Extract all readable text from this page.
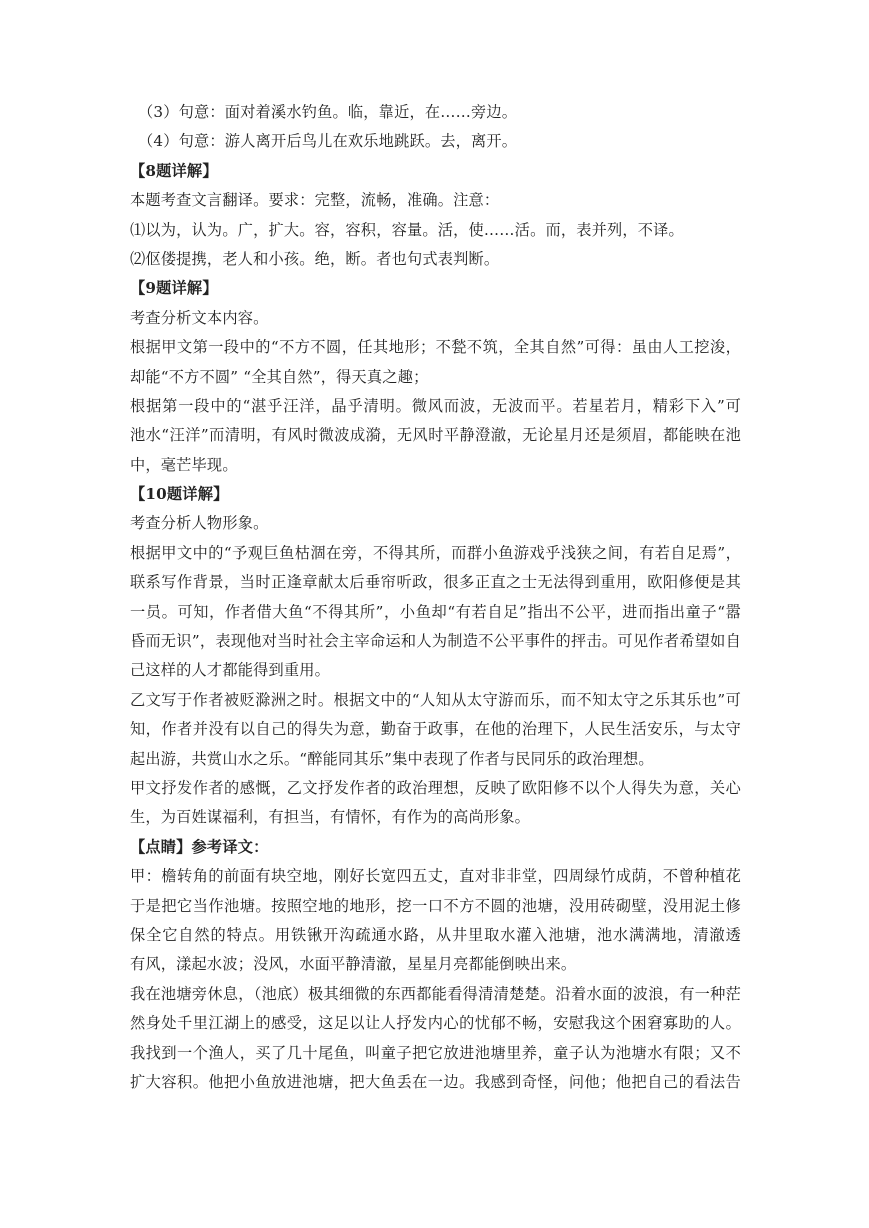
（3）句意：面对着溪水钓鱼。临，靠近，在……旁边。
（4）句意：游人离开后鸟儿在欢乐地跳跃。去，离开。
【8题详解】
本题考查文言翻译。要求：完整，流畅，准确。注意：
⑴以为，认为。广，扩大。容，容积，容量。活，使……活。而，表并列，不译。
⑵伛偻提携，老人和小孩。绝，断。者也句式表判断。
【9题详解】
考查分析文本内容。
根据甲文第一段中的“不方不圆，任其地形；不甃不筑，全其自然”可得：虽由人工挖浚，
却能“不方不圆” “全其自然”，得天真之趣；
根据第一段中的“湛乎汪洋，晶乎清明。微风而波，无波而平。若星若月，精彩下入”可
池水“汪洋”而清明，有风时微波成漪，无风时平静澄澈，无论星月还是须眉，都能映在池
中，毫芒毕现。
【10题详解】
考查分析人物形象。
根据甲文中的“予观巨鱼枯涸在旁，不得其所，而群小鱼游戏乎浅狭之间，有若自足焉”，
联系写作背景，当时正逢章献太后垂帘听政，很多正直之士无法得到重用，欧阳修便是其
一员。可知，作者借大鱼“不得其所”，小鱼却“有若自足”指出不公平，进而指出童子“嚣
昏而无识”，表现他对当时社会主宰命运和人为制造不公平事件的抨击。可见作者希望如自
己这样的人才都能得到重用。
乙文写于作者被贬滁洲之时。根据文中的“人知从太守游而乐，而不知太守之乐其乐也”可
知，作者并没有以自己的得失为意，勤奋于政事，在他的治理下，人民生活安乐，与太守
起出游，共赏山水之乐。“醉能同其乐”集中表现了作者与民同乐的政治理想。
甲文抒发作者的感慨，乙文抒发作者的政治理想，反映了欧阳修不以个人得失为意，关心
生，为百姓谋福利，有担当，有情怀，有作为的高尚形象。
【点睛】参考译文：
甲：檐转角的前面有块空地，刚好长宽四五丈，直对非非堂，四周绿竹成荫，不曾种植花
于是把它当作池塘。按照空地的地形，挖一口不方不圆的池塘，没用砖砌壁，没用泥土修
保全它自然的特点。用铁锹开沟疏通水路，从井里取水灌入池塘，池水满满地，清澈透
有风，漾起水波；没风，水面平静清澈，星星月亮都能倒映出来。
我在池塘旁休息，（池底）极其细微的东西都能看得清清楚楚。沿着水面的波浪，有一种茫
然身处千里江湖上的感受，这足以让人抒发内心的忧郁不畅，安慰我这个困窘寡助的人。
我找到一个渔人，买了几十尾鱼，叫童子把它放进池塘里养，童子认为池塘水有限；又不
扩大容积。他把小鱼放进池塘，把大鱼丢在一边。我感到奇怪，问他；他把自己的看法告
